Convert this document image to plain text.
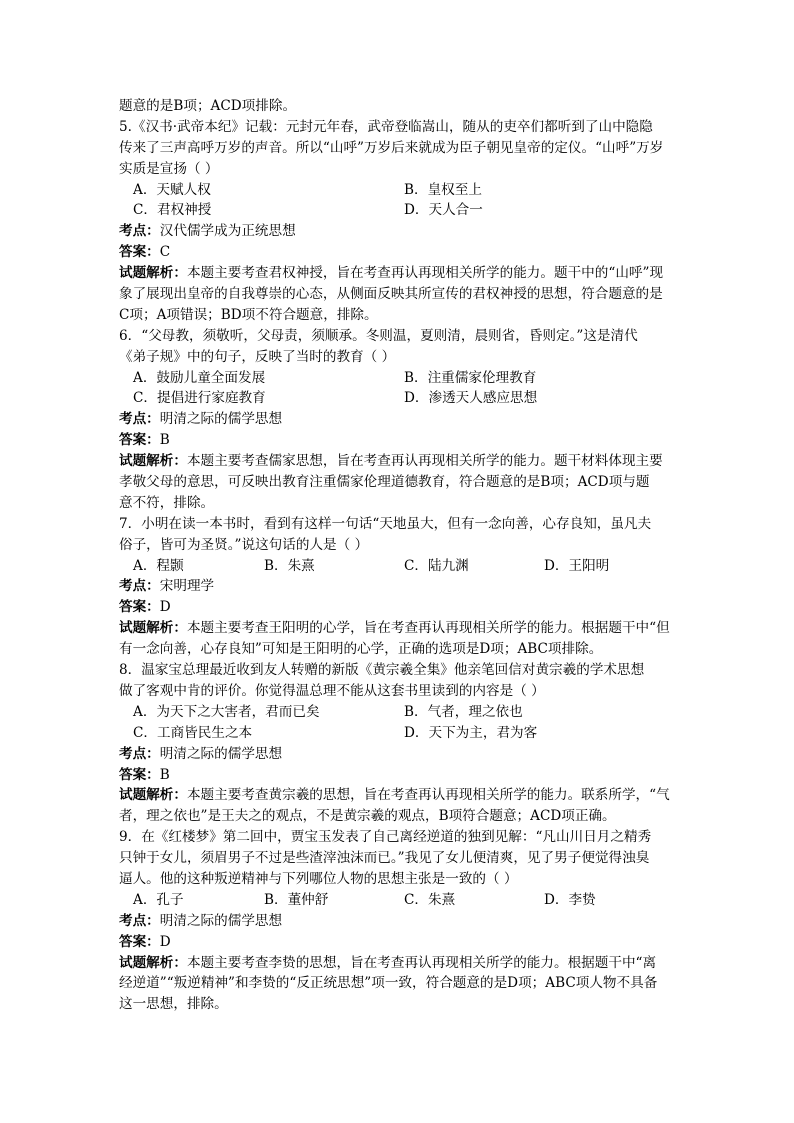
题意的是B项；ACD项排除。
5.《汉书·武帝本纪》记载：元封元年春，武帝登临嵩山，随从的吏卒们都听到了山中隐隐
传来了三声高呼万岁的声音。所以“山呼”万岁后来就成为臣子朝见皇帝的定仪。“山呼”万岁
实质是宣扬（ ）
A．天赋人权	B．皇权至上
C．君权神授	D．天人合一
考点：汉代儒学成为正统思想
答案：C
试题解析：本题主要考查君权神授，旨在考查再认再现相关所学的能力。题干中的“山呼”现
象了展现出皇帝的自我尊崇的心态，从侧面反映其所宣传的君权神授的思想，符合题意的是
C项；A项错误；BD项不符合题意，排除。
6．“父母教，须敬听，父母责，须顺承。冬则温，夏则清，晨则省，昏则定。”这是清代
《弟子规》中的句子，反映了当时的教育（ ）
A．鼓励儿童全面发展	B．注重儒家伦理教育
C．提倡进行家庭教育	D．渗透天人感应思想
考点：明清之际的儒学思想
答案：B
试题解析：本题主要考查儒家思想，旨在考查再认再现相关所学的能力。题干材料体现主要
孝敬父母的意思，可反映出教育注重儒家伦理道德教育，符合题意的是B项；ACD项与题
意不符，排除。
7．小明在读一本书时，看到有这样一句话“天地虽大，但有一念向善，心存良知，虽凡夫
俗子，皆可为圣贤。”说这句话的人是（ ）
A．程颢	B．朱熹	C．陆九渊	D．王阳明
考点：宋明理学
答案：D
试题解析：本题主要考查王阳明的心学，旨在考查再认再现相关所学的能力。根据题干中“但
有一念向善，心存良知”可知是王阳明的心学，正确的选项是D项；ABC项排除。
8．温家宝总理最近收到友人转赠的新版《黄宗羲全集》他亲笔回信对黄宗羲的学术思想
做了客观中肯的评价。你觉得温总理不能从这套书里读到的内容是（ ）
A．为天下之大害者，君而已矣	B．气者，理之依也
C．工商皆民生之本	D．天下为主，君为客
考点：明清之际的儒学思想
答案：B
试题解析：本题主要考查黄宗羲的思想，旨在考查再认再现相关所学的能力。联系所学，“气
者，理之依也”是王夫之的观点，不是黄宗羲的观点，B项符合题意；ACD项正确。
9．在《红楼梦》第二回中，贾宝玉发表了自己离经逆道的独到见解：“凡山川日月之精秀
只钟于女儿，须眉男子不过是些渣滓浊沫而已。”我见了女儿便清爽，见了男子便觉得浊臭
逼人。他的这种叛逆精神与下列哪位人物的思想主张是一致的（ ）
A．孔子	B．董仲舒	C．朱熹	D．李贽
考点：明清之际的儒学思想
答案：D
试题解析：本题主要考查李贽的思想，旨在考查再认再现相关所学的能力。根据题干中“离
经逆道”“叛逆精神”和李贽的“反正统思想”项一致，符合题意的是D项；ABC项人物不具备
这一思想，排除。
